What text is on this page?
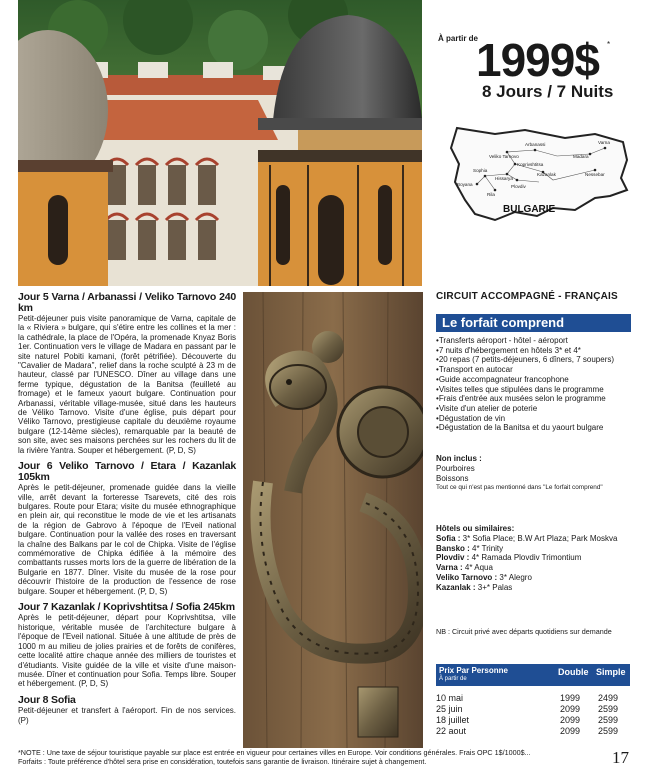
À partir de
1999$ *
8 Jours / 7 Nuits
Arbanassi	Varna
Veliko Tarnovo	Madara
Sophia
Koprivshtitsa
Nessebar
Boyana
Kazanlak
Hissarya
Plovdiv
Rila
BULGARIE
Jour 5 Varna / Arbanassi / Veliko Tarnovo 240 km

Petit-déjeuner puis visite panoramique de Varna, capitale de la « Riviera » bulgare, qui s'étire entre les collines et la mer : la cathédrale, la place de l'Opéra, la promenade Knyaz Boris 1er. Continuation vers le village de Madara en passant par le site naturel Pobiti kamani, (forêt pétrifiée). Découverte du "Cavalier de Madara", relief dans la roche sculpté à 23 m de hauteur, classé par l'UNESCO. Dîner au village dans une ferme typique, dégustation de la Banitsa (feuilleté au fromage) et le fameux yaourt bulgare. Continuation pour Arbanassi, véritable village-musée, situé dans les hauteurs de Véliko Tarnovo. Visite d'une église, puis départ pour Véliko Tarnovo, prestigieuse capitale du deuxième royaume bulgare (12-14ème siècles), remarquable par la beauté de son site, avec ses maisons perchées sur les rochers du lit de la rivière Yantra. Souper et hébergement. (P, D, S)

Jour 6 Veliko Tarnovo / Etara / Kazanlak 105km

Après le petit-déjeuner, promenade guidée dans la vieille ville, arrêt devant la forteresse Tsarevets, cité des rois bulgares. Route pour Etara; visite du musée ethnographique en plein air, qui reconstitue le mode de vie et les artisanats de la région de Gabrovo à l'époque de l'Eveil national bulgare. Continuation pour la vallée des roses en traversant la chaîne des Balkans par le col de Chipka. Visite de l'église commémorative de Chipka édifiée à la mémoire des combattants russes morts lors de la guerre de libération de la Bulgarie en 1877. Dîner. Visite du musée de la rose pour découvrir l'histoire de la production de l'essence de rose bulgare. Souper et hébergement. (P, D, S)

Jour 7 Kazanlak / Koprivshtitsa / Sofia 245km

Après le petit-déjeuner, départ pour Koprivshtitsa, ville historique, véritable musée de l'architecture bulgare à l'époque de l'Eveil national. Située à une altitude de près de 1000 m au milieu de jolies prairies et de forêts de conifères, cette localité attire chaque année des milliers de touristes et d'étudiants. Visite guidée de la ville et visite d'une maison-musée. Dîner et continuation pour Sofia. Temps libre. Souper et hébergement. (P, D, S)

Jour 8 Sofia

Petit-déjeuner et transfert à l'aéroport. Fin de nos services. (P)

CIRCUIT ACCOMPAGNÉ - FRANÇAIS
Le forfait comprend
• Transferts aéroport - hôtel - aéroport
• 7 nuits d'hébergement en hôtels 3* et 4*
• 20 repas (7 petits-déjeuners, 6 dîners, 7 soupers)
• Transport en autocar
• Guide accompagnateur francophone
• Visites telles que stipulées dans le programme
• Frais d'entrée aux musées selon le programme
• Visite d'un atelier de poterie
• Dégustation de vin
• Dégustation de la Banitsa et du yaourt bulgare
Non inclus :
Pourboires
Boissons
Tout ce qui n'est pas mentionné dans "Le forfait comprend"
Hôtels ou similaires:
Sofia : 3* Sofia Place; B.W Art Plaza; Park Moskva
Bansko : 4* Trinity
Plovdiv : 4* Ramada Plovdiv Trimontium
Varna : 4* Aqua
Veliko Tarnovo : 3* Alegro
Kazanlak : 3+* Palas
NB : Circuit privé avec départs quotidiens sur demande
Prix Par Personne
À partir de
Double Simple
10 mai	1999 2499
25 juin	2099 2599
18 juillet	2099 2599
22 aout	2099 2599
*NOTE : Une taxe de séjour touristique payable sur place est entrée en vigueur pour certaines villes en Europe. Voir conditions générales. Frais OPC 1$/1000$...
Forfaits : Toute préférence d'hôtel sera prise en considération, toutefois sans garantie de livraison. Itinéraire sujet à changement.	17
